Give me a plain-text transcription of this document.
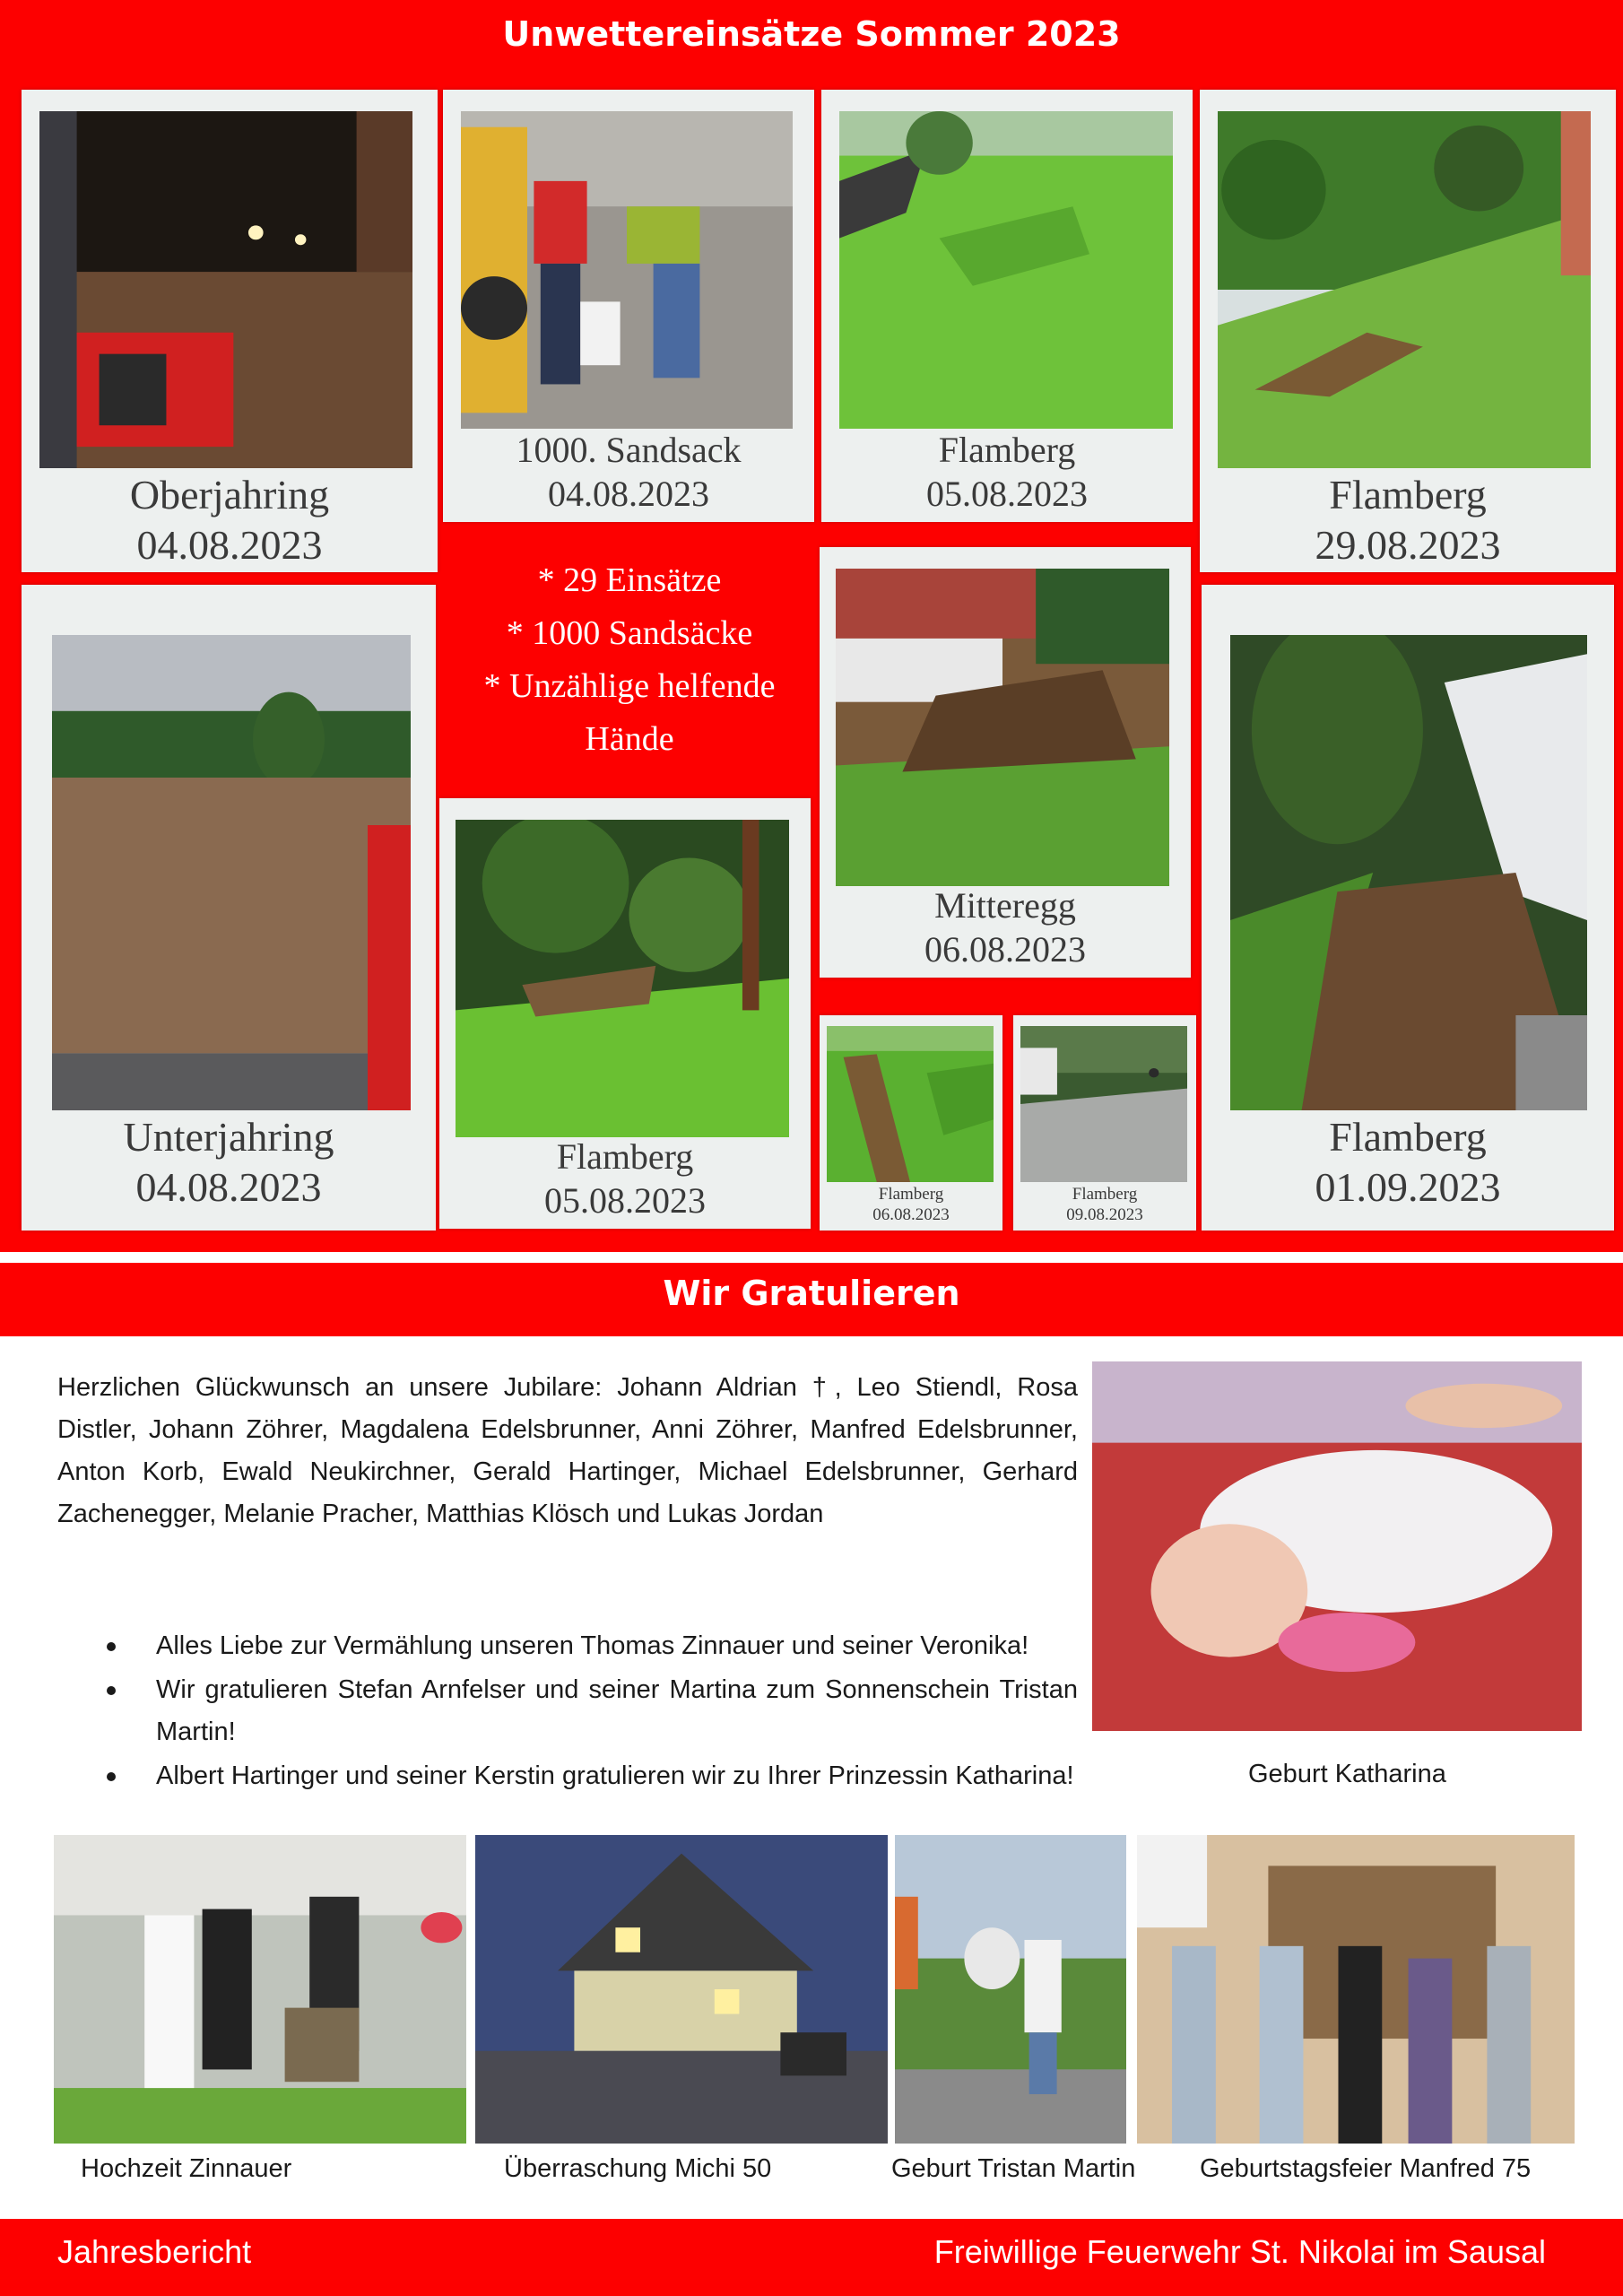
Unwettereinsätze Sommer 2023
Oberjahring
04.08.2023
1000. Sandsack
04.08.2023
Flamberg
05.08.2023	Flamberg
29.08.2023
Unterjahring
04.08.2023
* 29 Einsätze
* 1000 Sandsäcke
* Unzählige helfende
Hände
Flamberg
05.08.2023
Mitteregg
06.08.2023
Flamberg
06.08.2023
Flamberg
09.08.2023
Flamberg
01.09.2023
Wir Gratulieren

Herzlichen Glückwunsch an unsere Jubilare: Johann Aldrian †, Leo Stiendl, Rosa Distler, Johann Zöhrer, Magdalena Edelsbrunner, Anni Zöhrer, Manfred Edelsbrunner, Anton Korb, Ewald Neukirchner, Gerald Hartinger, Michael Edelsbrunner, Gerhard Zachenegger, Melanie Pracher, Matthias Klösch und Lukas Jordan

Alles Liebe zur Vermählung unseren Thomas Zinnauer und seiner Veronika!
Wir gratulieren Stefan Arnfelser und seiner Martina zum Sonnenschein Tristan Martin!
Albert Hartinger und seiner Kerstin gratulieren wir zu Ihrer Prinzessin Katharina!	Geburt Katharina
Hochzeit Zinnauer	Überraschung Michi 50	Geburt Tristan Martin Geburtstagsfeier Manfred 75
Jahresbericht	Freiwillige Feuerwehr St. Nikolai im Sausal
